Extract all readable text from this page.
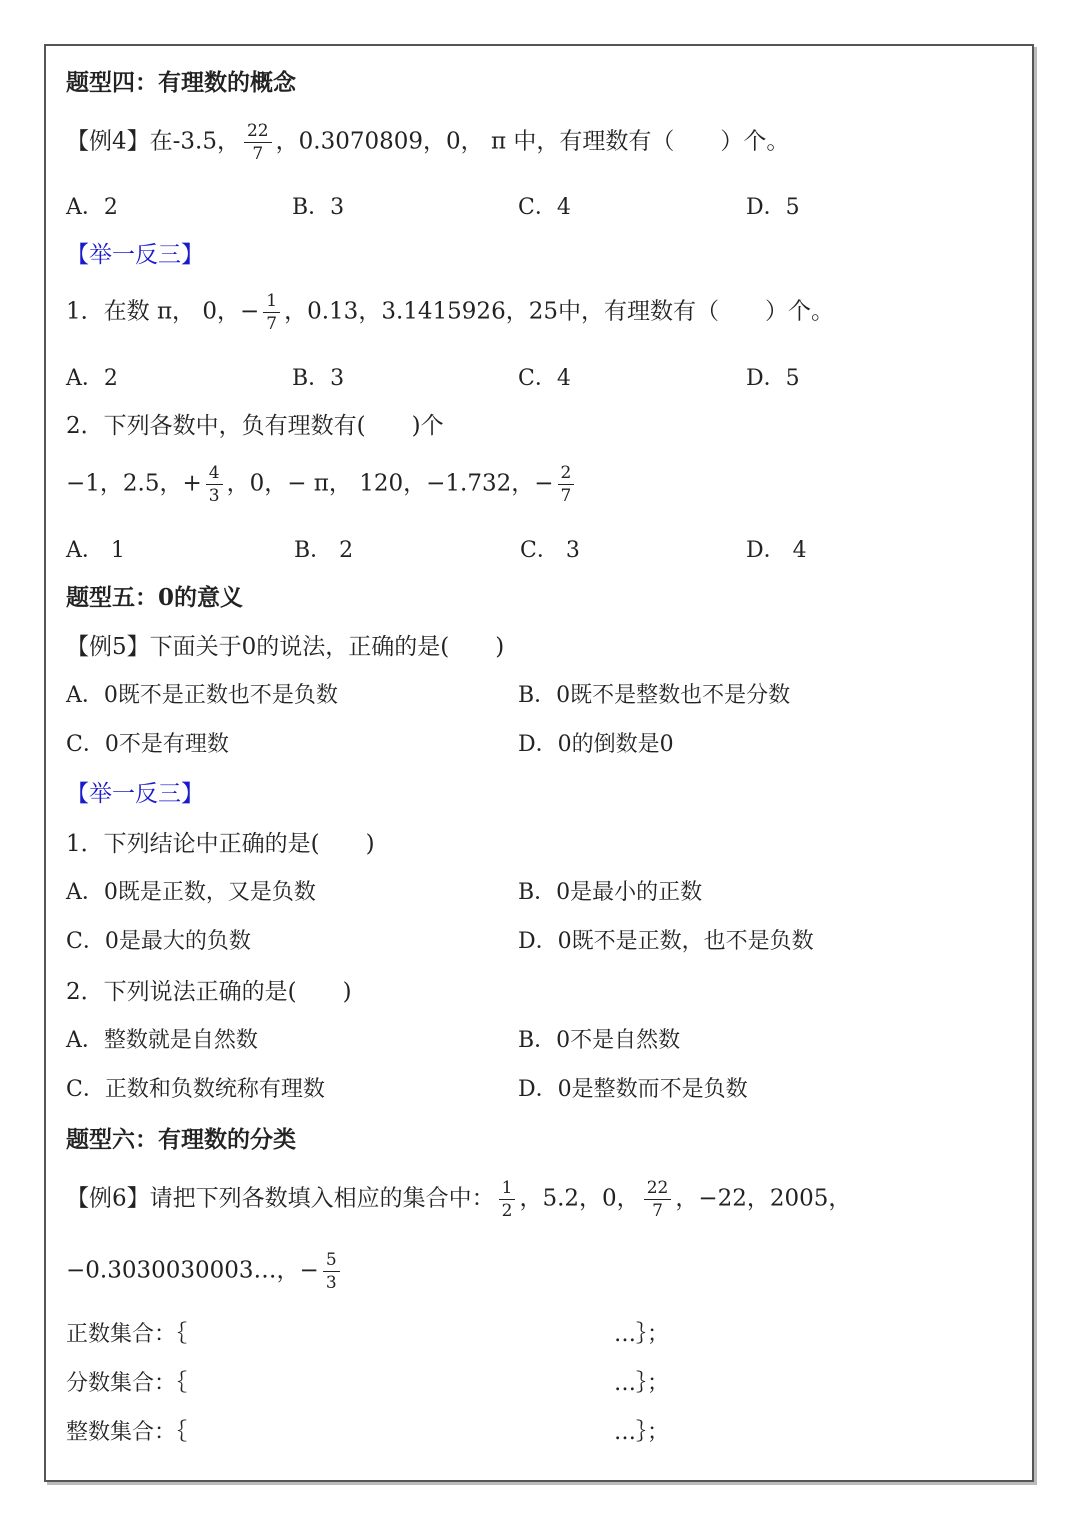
题型四：有理数的概念
【例4】在-3.5， $\frac{22}{7}$ ，0.3070809，0， π 中，有理数有（　　）个。
A．2	B．3	C．4	D．5
【举一反三】
1．在数 π， 0，− $\frac{1}{7}$ ，0.13，3.1415926，25中，有理数有（　　）个。
A．2	B．3	C．4	D．5
2．下列各数中，负有理数有(　　)个
−1，2.5，+ $\frac{4}{3}$ ，0，− π， 120，−1.732，− $\frac{2}{7}$
A． 1	B． 2	C． 3	D． 4
题型五：0的意义
【例5】下面关于0的说法，正确的是(　　)
A．0既不是正数也不是负数	B．0既不是整数也不是分数
C．0不是有理数	D．0的倒数是0
【举一反三】
1．下列结论中正确的是(　　)
A．0既是正数，又是负数	B．0是最小的正数
C．0是最大的负数	D．0既不是正数，也不是负数
2．下列说法正确的是(　　)
A．整数就是自然数	B．0不是自然数
C．正数和负数统称有理数	D．0是整数而不是负数
题型六：有理数的分类
【例6】请把下列各数填入相应的集合中： $\frac{1}{2}$ ，5.2，0， $\frac{22}{7}$ ，−22，2005，
−0.3030030003…，− $\frac{5}{3}$
正数集合：｛	…｝；
分数集合：｛	…｝；
整数集合：｛	…｝；
